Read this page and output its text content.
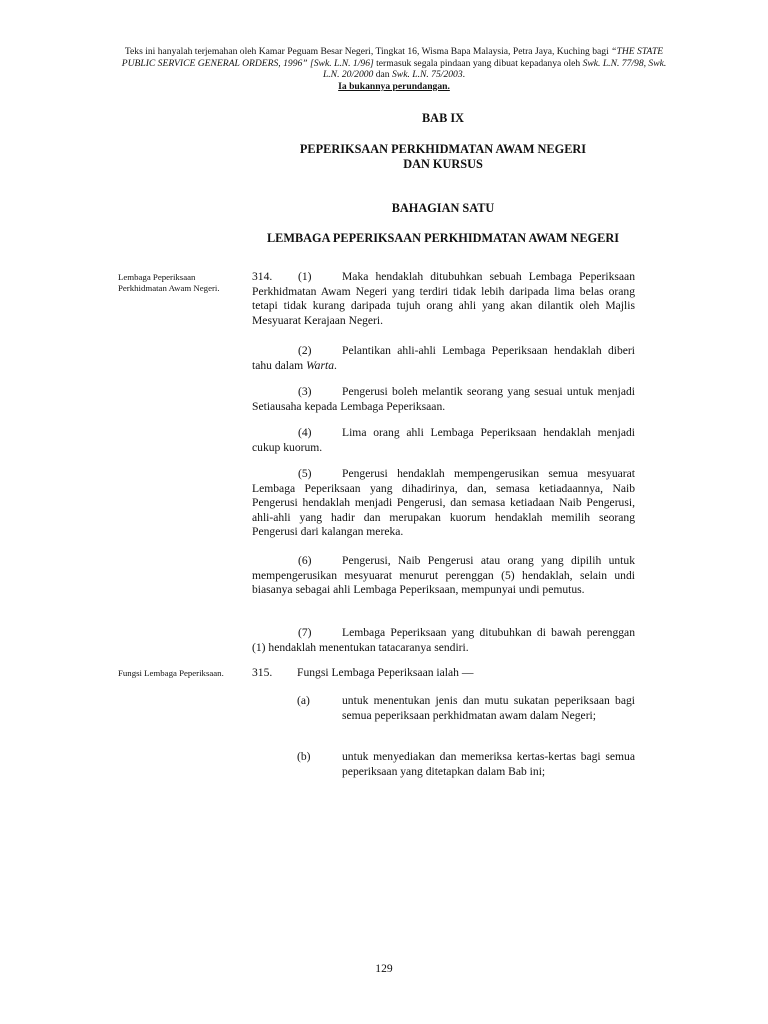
Teks ini hanyalah terjemahan oleh Kamar Peguam Besar Negeri, Tingkat 16, Wisma Bapa Malaysia, Petra Jaya, Kuching bagi “THE STATE PUBLIC SERVICE GENERAL ORDERS, 1996” [Swk. L.N. 1/96] termasuk segala pindaan yang dibuat kepadanya oleh Swk. L.N. 77/98, Swk. L.N. 20/2000 dan Swk. L.N. 75/2003.
Ia bukannya perundangan.
BAB IX
PEPERIKSAAN PERKHIDMATAN AWAM NEGERI
DAN KURSUS
BAHAGIAN SATU
LEMBAGA PEPERIKSAAN PERKHIDMATAN AWAM NEGERI
Lembaga Peperiksaan Perkhidmatan Awam Negeri.
314. (1)	Maka hendaklah ditubuhkan sebuah Lembaga Peperiksaan Perkhidmatan Awam Negeri yang terdiri tidak lebih daripada lima belas orang tetapi tidak kurang daripada tujuh orang ahli yang akan dilantik oleh Majlis Mesyuarat Kerajaan Negeri.
(2)	Pelantikan ahli-ahli Lembaga Peperiksaan hendaklah diberi tahu dalam Warta.
(3)	Pengerusi boleh melantik seorang yang sesuai untuk menjadi Setiausaha kepada Lembaga Peperiksaan.
(4)	Lima orang ahli Lembaga Peperiksaan hendaklah menjadi cukup kuorum.
(5)	Pengerusi hendaklah mempengerusikan semua mesyuarat Lembaga Peperiksaan yang dihadirinya, dan, semasa ketiadaannya, Naib Pengerusi hendaklah menjadi Pengerusi, dan semasa ketiadaan Naib Pengerusi, ahli-ahli yang hadir dan merupakan kuorum hendaklah memilih seorang Pengerusi dari kalangan mereka.
(6)	Pengerusi, Naib Pengerusi atau orang yang dipilih untuk mempengerusikan mesyuarat menurut perenggan (5) hendaklah, selain undi biasanya sebagai ahli Lembaga Peperiksaan, mempunyai undi pemutus.
(7)	Lembaga Peperiksaan yang ditubuhkan di bawah perenggan (1) hendaklah menentukan tatacaranya sendiri.
Fungsi Lembaga Peperiksaan.	315. Fungsi Lembaga Peperiksaan ialah —
(a)	untuk menentukan jenis dan mutu sukatan peperiksaan bagi semua peperiksaan perkhidmatan awam dalam Negeri;
(b)	untuk menyediakan dan memeriksa kertas-kertas bagi semua peperiksaan yang ditetapkan dalam Bab ini;
129
